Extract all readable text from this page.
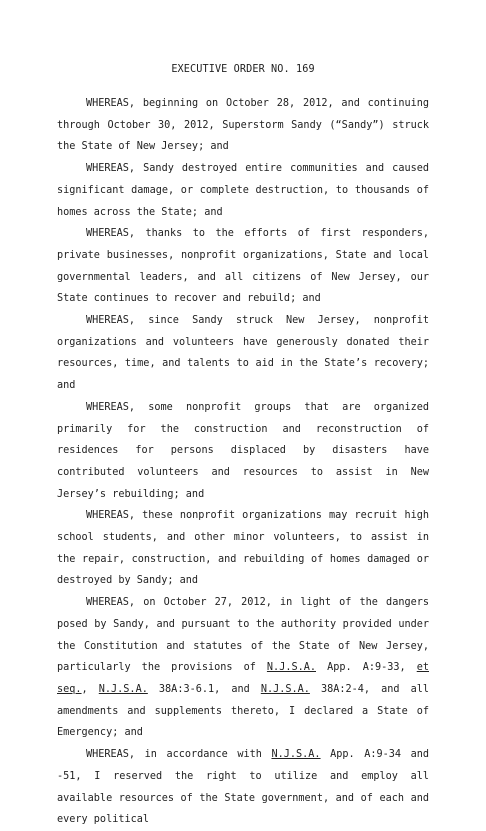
EXECUTIVE ORDER NO. 169

WHEREAS, beginning on October 28, 2012, and continuing through October 30, 2012, Superstorm Sandy (“Sandy”) struck the State of New Jersey; and

WHEREAS, Sandy destroyed entire communities and caused significant damage, or complete destruction, to thousands of homes across the State; and

WHEREAS, thanks to the efforts of first responders, private businesses, nonprofit organizations, State and local governmental leaders, and all citizens of New Jersey, our State continues to recover and rebuild; and

WHEREAS, since Sandy struck New Jersey, nonprofit organizations and volunteers have generously donated their resources, time, and talents to aid in the State’s recovery; and

WHEREAS, some nonprofit groups that are organized primarily for the construction and reconstruction of residences for persons displaced by disasters have contributed volunteers and resources to assist in New Jersey’s rebuilding; and

WHEREAS, these nonprofit organizations may recruit high school students, and other minor volunteers, to assist in the repair, construction, and rebuilding of homes damaged or destroyed by Sandy; and

WHEREAS, on October 27, 2012, in light of the dangers posed by Sandy, and pursuant to the authority provided under the Constitution and statutes of the State of New Jersey, particularly the provisions of N.J.S.A. App. A:9-33, et seq., N.J.S.A. 38A:3-6.1, and N.J.S.A. 38A:2-4, and all amendments and supplements thereto, I declared a State of Emergency; and

WHEREAS, in accordance with N.J.S.A. App. A:9-34 and -51, I reserved the right to utilize and employ all available resources of the State government, and of each and every political
